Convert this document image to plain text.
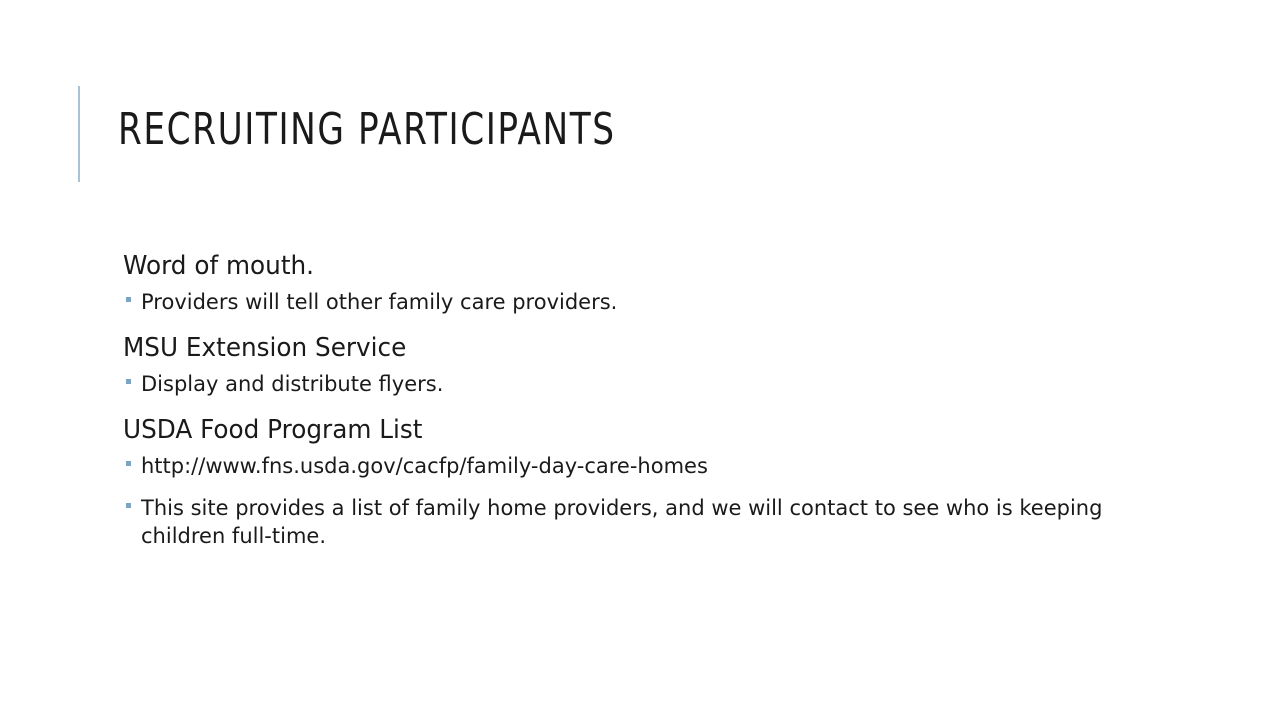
RECRUITING PARTICIPANTS

Word of mouth.

Providers will tell other family care providers.

MSU Extension Service

Display and distribute flyers.

USDA Food Program List

http://www.fns.usda.gov/cacfp/family-day-care-homes
This site provides a list of family home providers, and we will contact to see who is keeping children full-time.
